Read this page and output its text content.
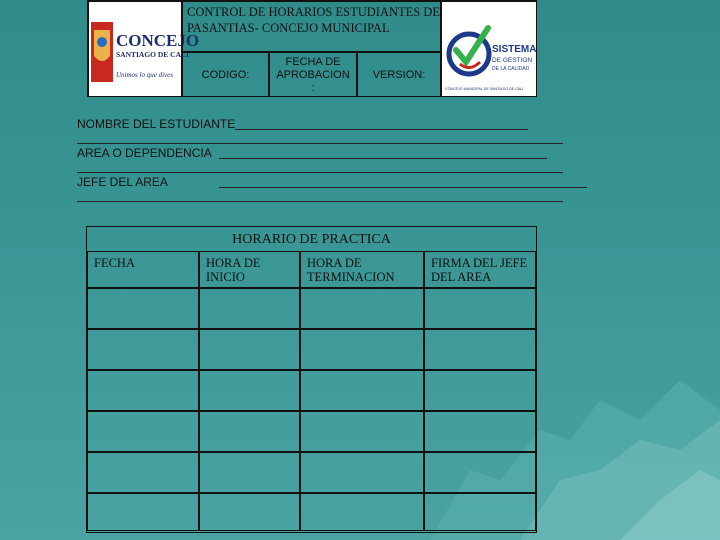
CONCEJO
SANTIAGO DE CALI
Unimos lo que dives
CONTROL DE HORARIOS ESTUDIANTES DE PASANTIAS- CONCEJO MUNICIPAL
SISTEMA
DE GESTION
DE LA CALIDAD
CONCEJO MUNICIPAL DE SANTIAGO DE CALI
CODIGO:
FECHA DE APROBACION :
VERSION:
NOMBRE DEL ESTUDIANTE
AREA O DEPENDENCIA
JEFE DEL AREA
HORARIO DE PRACTICA
FECHA	HORA DE INICIO
HORA DE TERMINACION
FIRMA DEL JEFE DEL AREA
